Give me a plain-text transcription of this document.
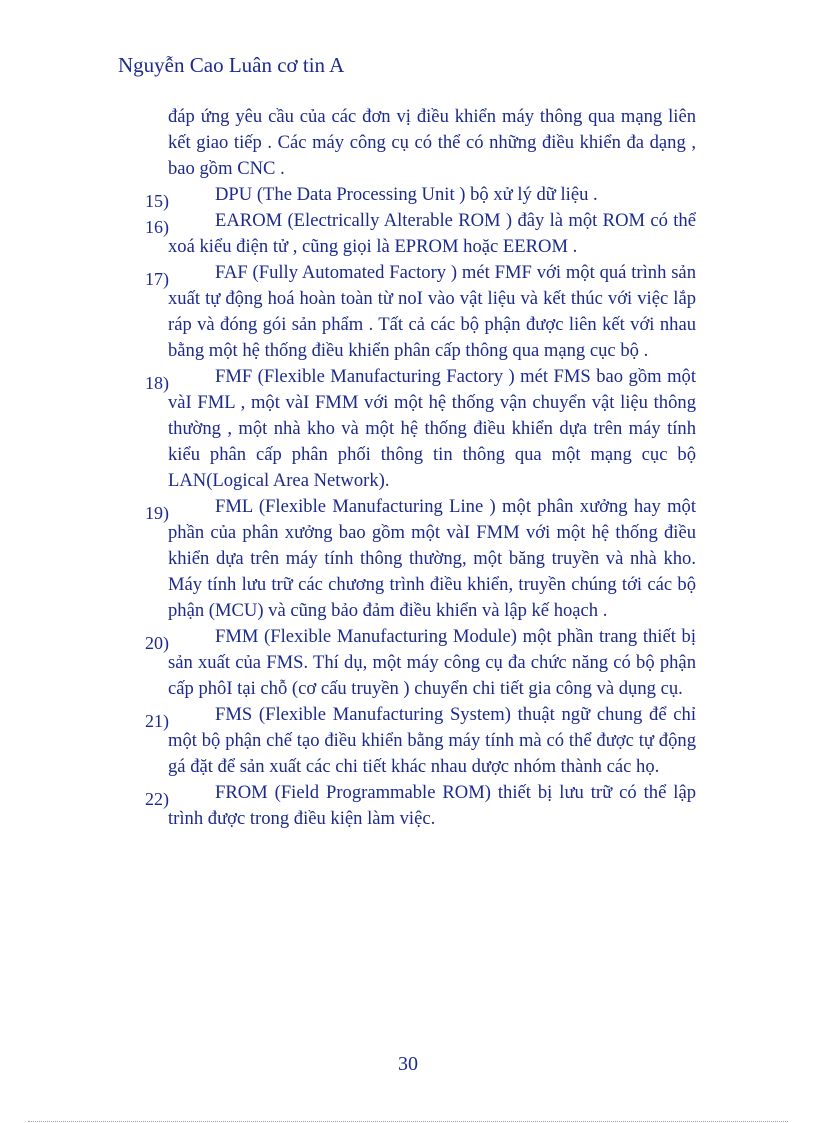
Nguyễn Cao Luân cơ tin A

đáp ứng yêu cầu của các đơn vị điều khiển máy thông qua mạng liên kết giao tiếp . Các máy công cụ có thể có những điều khiển đa dạng , bao gồm CNC .

15)	DPU (The Data Processing Unit ) bộ xử lý dữ liệu .
16)	EAROM (Electrically Alterable ROM ) đây là một ROM có thể xoá kiểu điện tử , cũng giọi là EPROM hoặc EEROM .
17)	FAF (Fully Automated Factory ) mét FMF với một quá trình sản xuất tự động hoá hoàn toàn từ noI vào vật liệu và kết thúc với việc lắp ráp và đóng gói sản phẩm . Tất cả các bộ phận được liên kết với nhau bằng một hệ thống điều khiển phân cấp thông qua mạng cục bộ .
18)	FMF (Flexible Manufacturing Factory ) mét FMS bao gồm một vàI FML , một vàI FMM với một hệ thống vận chuyển vật liệu thông thường , một nhà kho và một hệ thống điều khiển dựa trên máy tính kiểu phân cấp phân phối thông tin thông qua một mạng cục bộ LAN(Logical Area Network).
19)	FML (Flexible Manufacturing Line ) một phân xưởng hay một phần của phân xưởng bao gồm một vàI FMM với một hệ thống điều khiển dựa trên máy tính thông thường, một băng truyền và nhà kho. Máy tính lưu trữ các chương trình điều khiển, truyền chúng tới các bộ phận (MCU) và cũng bảo đảm điều khiển và lập kế hoạch .
20)	FMM (Flexible Manufacturing Module) một phần trang thiết bị sản xuất của FMS. Thí dụ, một máy công cụ đa chức năng có bộ phận cấp phôI tại chỗ (cơ cấu truyền ) chuyển chi tiết gia công và dụng cụ.
21)	FMS (Flexible Manufacturing System) thuật ngữ chung để chỉ một bộ phận chế tạo điều khiển bằng máy tính mà có thể được tự động gá đặt để sản xuất các chi tiết khác nhau dược nhóm thành các họ.
22)	FROM (Field Programmable ROM) thiết bị lưu trữ có thể lập trình được trong điều kiện làm việc.
30
